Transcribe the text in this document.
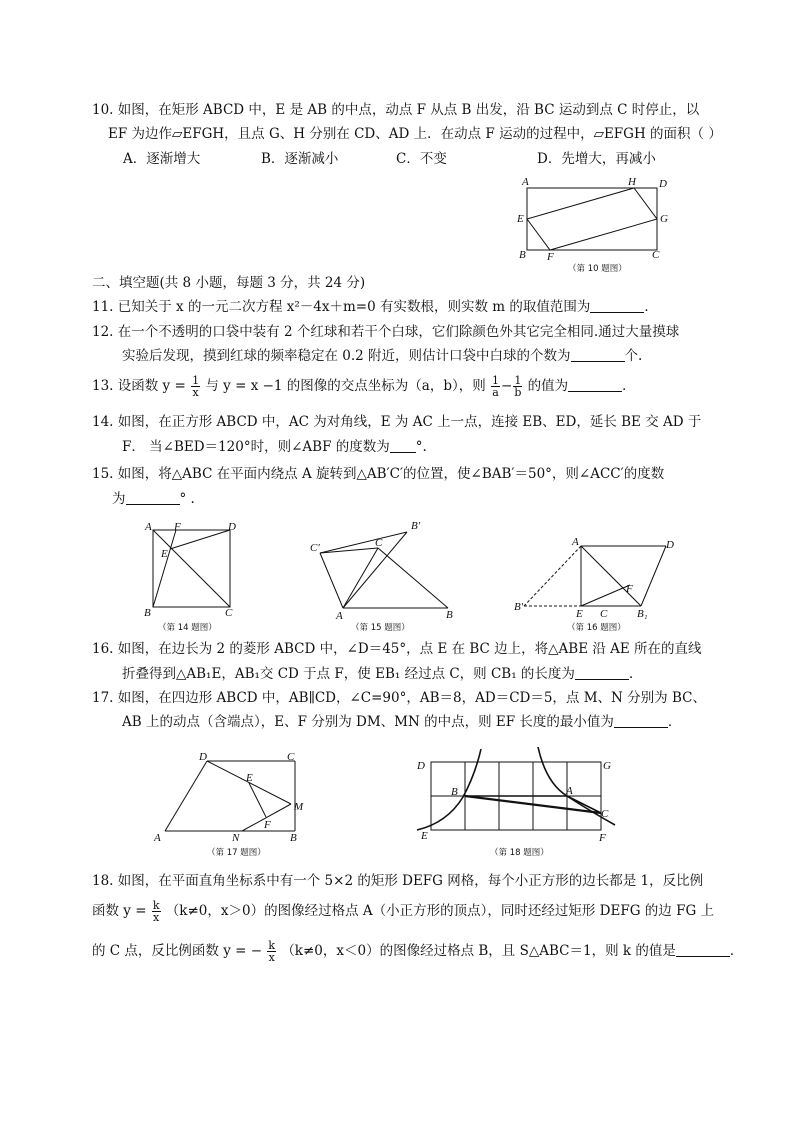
10. 如图，在矩形 ABCD 中，E 是 AB 的中点，动点 F 从点 B 出发，沿 BC 运动到点 C 时停止，以
EF 为边作▱EFGH，且点 G、H 分别在 CD、AD 上．在动点 F 运动的过程中，▱EFGH 的面积（ ）
A．逐渐增大	B．逐渐减小	C．不变	D．先增大，再减小
A	H D
E	G
B F	C
（第 10 题图）
二、填空题(共 8 小题，每题 3 分，共 24 分)
11. 已知关于 x 的一元二次方程 x²－4x＋m=0 有实数根，则实数 m 的取值范围为	．
12. 在一个不透明的口袋中装有 2 个红球和若干个白球，它们除颜色外其它完全相同.通过大量摸球
实验后发现，摸到红球的频率稳定在 0.2 附近，则估计口袋中白球的个数为	个.
13. 设函数 $y = \frac{1}{x}$ 与 y = x −1 的图像的交点坐标为（a，b），则 $\frac{1}{a} - \frac{1}{b}$ 的值为	．
14. 如图，在正方形 ABCD 中，AC 为对角线，E 为 AC 上一点，连接 EB、ED，延长 BE 交 AD 于
F． 当∠BED＝120°时，则∠ABF 的度数为 °.
15. 如图，将△ABC 在平面内绕点 A 旋转到△AB′C′的位置，使∠BAB′＝50°，则∠ACC′的度数
为	° .
A F	D
E
B	C
（第 14 题图）
B′
C′	C
A	B
（第 15 题图）
A	D
F
B′
E C	B₁
（第 16 题图）
16. 如图，在边长为 2 的菱形 ABCD 中，∠D＝45°，点 E 在 BC 边上，将△ABE 沿 AE 所在的直线
折叠得到△AB₁E，AB₁交 CD 于点 F，使 EB₁ 经过点 C，则 CB₁ 的长度为	．
17. 如图，在四边形 ABCD 中，AB∥CD，∠C=90°，AB＝8，AD＝CD＝5，点 M、N 分别为 BC、
AB 上的动点（含端点），E、F 分别为 DM、MN 的中点，则 EF 长度的最小值为	．
D	C
E
M
F
A	N	B
（第 17 题图）
D	G
B	A
C
E	F
（第 18 题图）
18. 如图，在平面直角坐标系中有一个 5×2 的矩形 DEFG 网格，每个小正方形的边长都是 1，反比例
函数 $y = \frac{k}{x} (k\ne 0$，x＞0）的图像经过格点 A（小正方形的顶点），同时还经过矩形 DEFG 的边 FG 上
的 C 点，反比例函数 y = − $\frac{k}{x} (k\ne 0$，x＜0）的图像经过格点 B，且 S△ABC＝1，则 k 的值是	．
